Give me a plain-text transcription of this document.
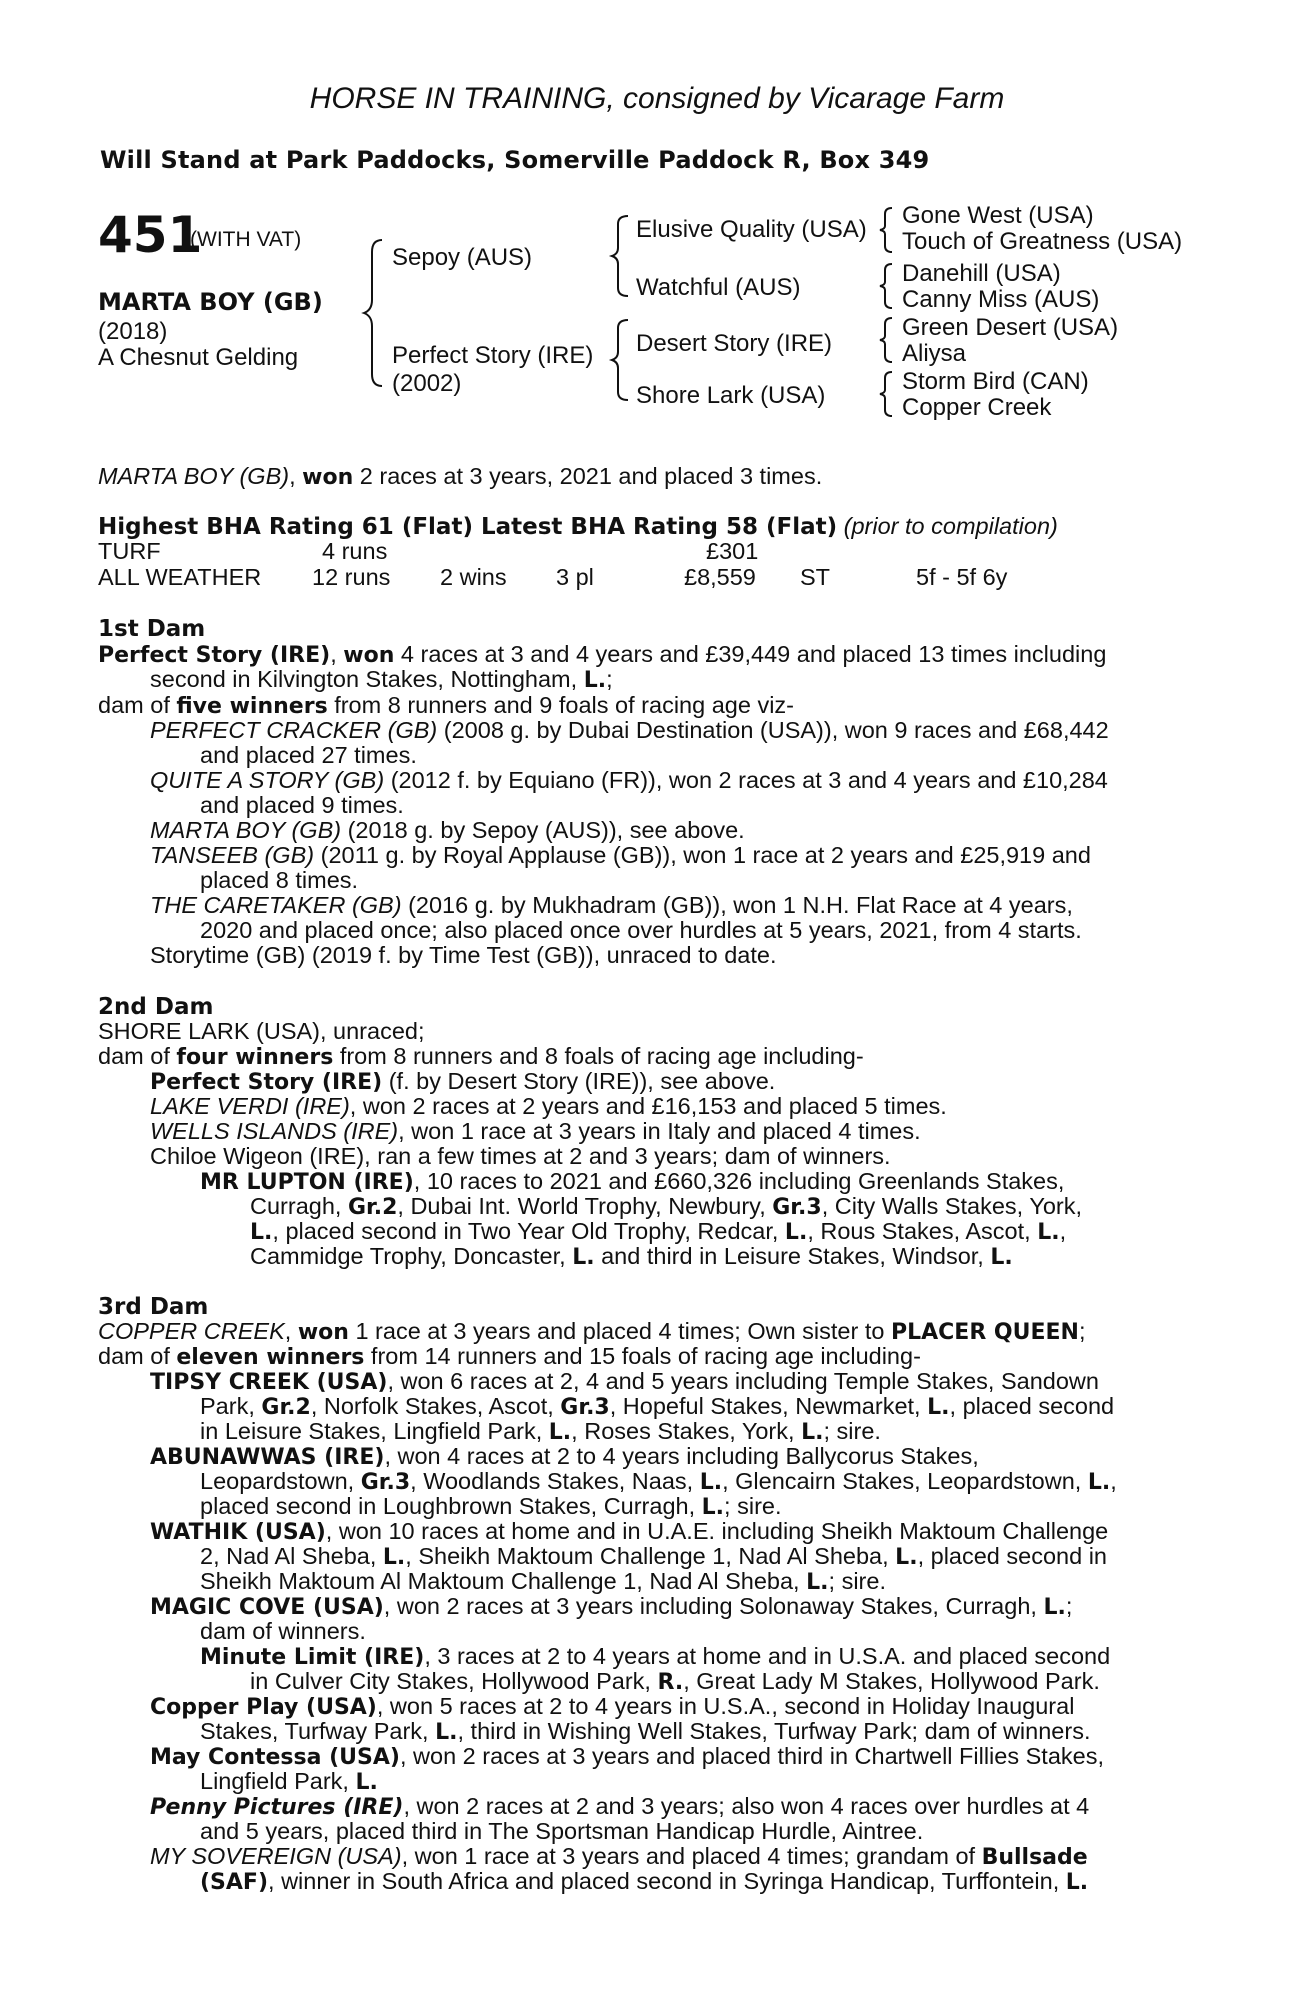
HORSE IN TRAINING, consigned by Vicarage Farm
Will Stand at Park Paddocks, Somerville Paddock R, Box 349
451
(WITH VAT)
MARTA BOY (GB)
(2018)
A Chesnut Gelding
Sepoy (AUS)
Perfect Story (IRE)
(2002)
Elusive Quality (USA)
Watchful (AUS)
Desert Story (IRE)
Shore Lark (USA)
Gone West (USA)
Touch of Greatness (USA)
Danehill (USA)
Canny Miss (AUS)
Green Desert (USA)
Aliysa
Storm Bird (CAN)
Copper Creek
MARTA BOY (GB), won 2 races at 3 years, 2021 and placed 3 times.
Highest BHA Rating 61 (Flat) Latest BHA Rating 58 (Flat) (prior to compilation)
TURF	4 runs	£301
ALL WEATHER 12 runs 2 wins 3 pl	£8,559 ST	5f - 5f 6y
1st Dam
Perfect Story (IRE), won 4 races at 3 and 4 years and £39,449 and placed 13 times including
second in Kilvington Stakes, Nottingham, L.;
dam of five winners from 8 runners and 9 foals of racing age viz-
PERFECT CRACKER (GB) (2008 g. by Dubai Destination (USA)), won 9 races and £68,442
and placed 27 times.
QUITE A STORY (GB) (2012 f. by Equiano (FR)), won 2 races at 3 and 4 years and £10,284
and placed 9 times.
MARTA BOY (GB) (2018 g. by Sepoy (AUS)), see above.
TANSEEB (GB) (2011 g. by Royal Applause (GB)), won 1 race at 2 years and £25,919 and
placed 8 times.
THE CARETAKER (GB) (2016 g. by Mukhadram (GB)), won 1 N.H. Flat Race at 4 years,
2020 and placed once; also placed once over hurdles at 5 years, 2021, from 4 starts.
Storytime (GB) (2019 f. by Time Test (GB)), unraced to date.
2nd Dam
SHORE LARK (USA), unraced;
dam of four winners from 8 runners and 8 foals of racing age including-
Perfect Story (IRE) (f. by Desert Story (IRE)), see above.
LAKE VERDI (IRE), won 2 races at 2 years and £16,153 and placed 5 times.
WELLS ISLANDS (IRE), won 1 race at 3 years in Italy and placed 4 times.
Chiloe Wigeon (IRE), ran a few times at 2 and 3 years; dam of winners.
MR LUPTON (IRE), 10 races to 2021 and £660,326 including Greenlands Stakes,
Curragh, Gr.2, Dubai Int. World Trophy, Newbury, Gr.3, City Walls Stakes, York,
L., placed second in Two Year Old Trophy, Redcar, L., Rous Stakes, Ascot, L.,
Cammidge Trophy, Doncaster, L. and third in Leisure Stakes, Windsor, L.
3rd Dam
COPPER CREEK, won 1 race at 3 years and placed 4 times; Own sister to PLACER QUEEN;
dam of eleven winners from 14 runners and 15 foals of racing age including-
TIPSY CREEK (USA), won 6 races at 2, 4 and 5 years including Temple Stakes, Sandown
Park, Gr.2, Norfolk Stakes, Ascot, Gr.3, Hopeful Stakes, Newmarket, L., placed second
in Leisure Stakes, Lingfield Park, L., Roses Stakes, York, L.; sire.
ABUNAWWAS (IRE), won 4 races at 2 to 4 years including Ballycorus Stakes,
Leopardstown, Gr.3, Woodlands Stakes, Naas, L., Glencairn Stakes, Leopardstown, L.,
placed second in Loughbrown Stakes, Curragh, L.; sire.
WATHIK (USA), won 10 races at home and in U.A.E. including Sheikh Maktoum Challenge
2, Nad Al Sheba, L., Sheikh Maktoum Challenge 1, Nad Al Sheba, L., placed second in
Sheikh Maktoum Al Maktoum Challenge 1, Nad Al Sheba, L.; sire.
MAGIC COVE (USA), won 2 races at 3 years including Solonaway Stakes, Curragh, L.;
dam of winners.
Minute Limit (IRE), 3 races at 2 to 4 years at home and in U.S.A. and placed second
in Culver City Stakes, Hollywood Park, R., Great Lady M Stakes, Hollywood Park.
Copper Play (USA), won 5 races at 2 to 4 years in U.S.A., second in Holiday Inaugural
Stakes, Turfway Park, L., third in Wishing Well Stakes, Turfway Park; dam of winners.
May Contessa (USA), won 2 races at 3 years and placed third in Chartwell Fillies Stakes,
Lingfield Park, L.
Penny Pictures (IRE), won 2 races at 2 and 3 years; also won 4 races over hurdles at 4
and 5 years, placed third in The Sportsman Handicap Hurdle, Aintree.
MY SOVEREIGN (USA), won 1 race at 3 years and placed 4 times; grandam of Bullsade
(SAF), winner in South Africa and placed second in Syringa Handicap, Turffontein, L.
